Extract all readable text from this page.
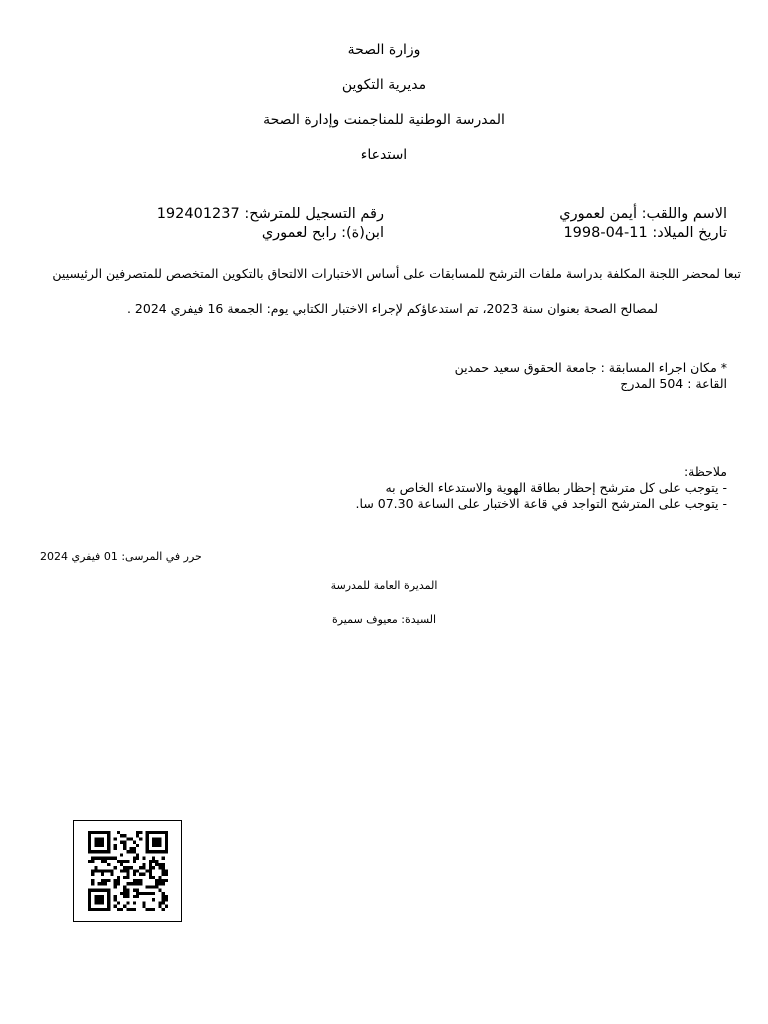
وزارة الصحة
مديرية التكوين
المدرسة الوطنية للمناجمنت وإدارة الصحة
استدعاء
الاسم واللقب: أيمن لعموري
رقم التسجيل للمترشح: 192401237
تاريخ الميلاد: 11-04-1998
ابن(ة): رابح لعموري
تبعا لمحضر اللجنة المكلفة بدراسة ملفات الترشح للمسابقات على أساس الاختبارات الالتحاق بالتكوين المتخصص للمتصرفين الرئيسيين
لمصالح الصحة بعنوان سنة 2023، تم استدعاؤكم لإجراء الاختبار الكتابي يوم: الجمعة 16 فيفري 2024 .
* مكان اجراء المسابقة : جامعة الحقوق سعيد حمدين
القاعة : 504 المدرج
ملاحظة:
- يتوجب على كل مترشح إحظار بطاقة الهوية والاستدعاء الخاص به
- يتوجب على المترشح التواجد في قاعة الاختبار على الساعة 07.30 سا.
حرر في المرسى: 01 فيفري 2024
المديرة العامة للمدرسة
السيدة: معيوف سميرة
